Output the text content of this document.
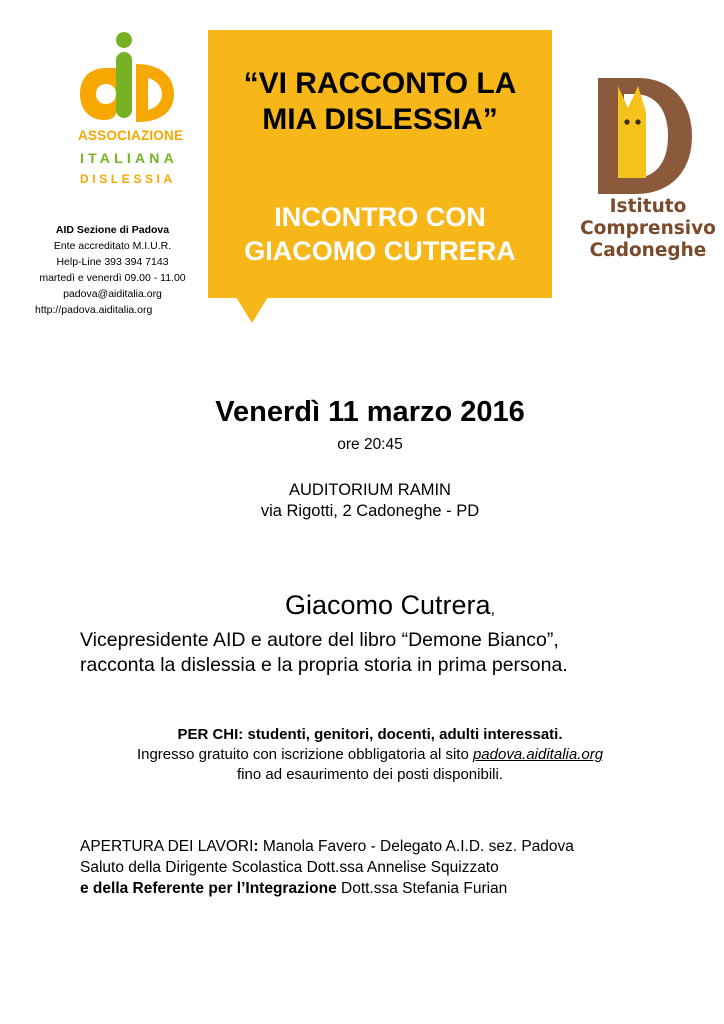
ASSOCIAZIONE
ITALIANA
DISLESSIA
AID Sezione di Padova
Ente accreditato M.I.U.R.
Help-Line 393 394 7143
martedì e venerdì 09.00 - 11.00
padova@aiditalia.org
http://padova.aiditalia.org
“VI RACCONTO LA
MIA DISLESSIA”
INCONTRO CON
GIACOMO CUTRERA
Istituto
Comprensivo
Cadoneghe
Venerdì 11 marzo 2016
ore 20:45
AUDITORIUM RAMIN
via Rigotti, 2 Cadoneghe - PD
Giacomo Cutrera,
Vicepresidente AID e autore del libro “Demone Bianco”,
racconta la dislessia e la propria storia in prima persona.
PER CHI: studenti, genitori, docenti, adulti interessati.
Ingresso gratuito con iscrizione obbligatoria al sito padova.aiditalia.org
fino ad esaurimento dei posti disponibili.
APERTURA DEI LAVORI: Manola Favero - Delegato A.I.D. sez. Padova
Saluto della Dirigente Scolastica Dott.ssa Annelise Squizzato
e della Referente per l’Integrazione Dott.ssa Stefania Furian
